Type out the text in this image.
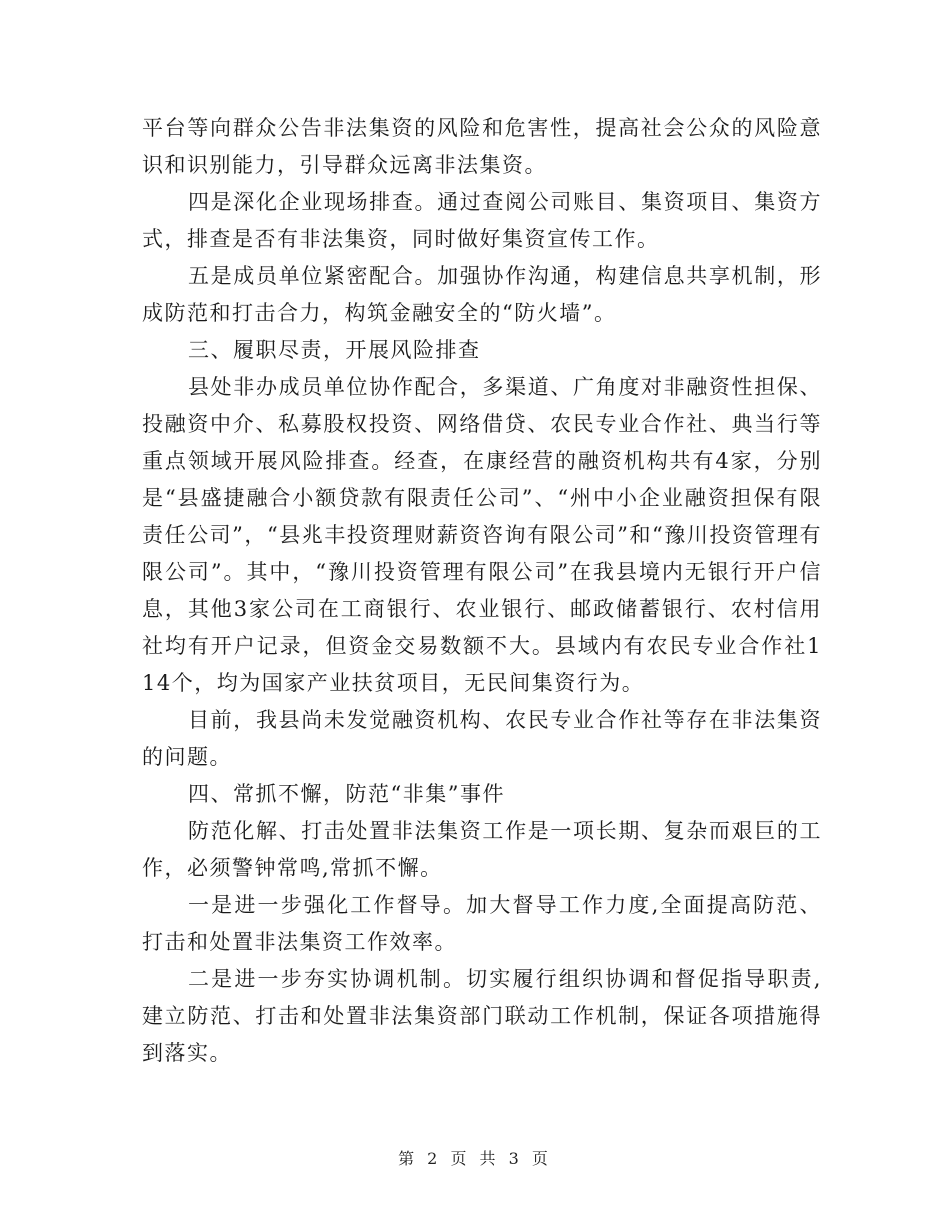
平台等向群众公告非法集资的风险和危害性，提高社会公众的风险意识和识别能力，引导群众远离非法集资。

四是深化企业现场排查。通过查阅公司账目、集资项目、集资方式，排查是否有非法集资，同时做好集资宣传工作。

五是成员单位紧密配合。加强协作沟通，构建信息共享机制，形成防范和打击合力，构筑金融安全的“防火墙”。

三、履职尽责，开展风险排查

县处非办成员单位协作配合，多渠道、广角度对非融资性担保、投融资中介、私募股权投资、网络借贷、农民专业合作社、典当行等重点领域开展风险排查。经查，在康经营的融资机构共有4家，分别是“县盛捷融合小额贷款有限责任公司”、“州中小企业融资担保有限责任公司”，“县兆丰投资理财薪资咨询有限公司”和“豫川投资管理有限公司”。其中，“豫川投资管理有限公司”在我县境内无银行开户信息，其他3家公司在工商银行、农业银行、邮政储蓄银行、农村信用社均有开户记录，但资金交易数额不大。县域内有农民专业合作社114个，均为国家产业扶贫项目，无民间集资行为。

目前，我县尚未发觉融资机构、农民专业合作社等存在非法集资的问题。

四、常抓不懈，防范“非集”事件

防范化解、打击处置非法集资工作是一项长期、复杂而艰巨的工作，必须警钟常鸣,常抓不懈。

一是进一步强化工作督导。加大督导工作力度,全面提高防范、打击和处置非法集资工作效率。

二是进一步夯实协调机制。切实履行组织协调和督促指导职责,建立防范、打击和处置非法集资部门联动工作机制，保证各项措施得到落实。

第 2 页 共 3 页
